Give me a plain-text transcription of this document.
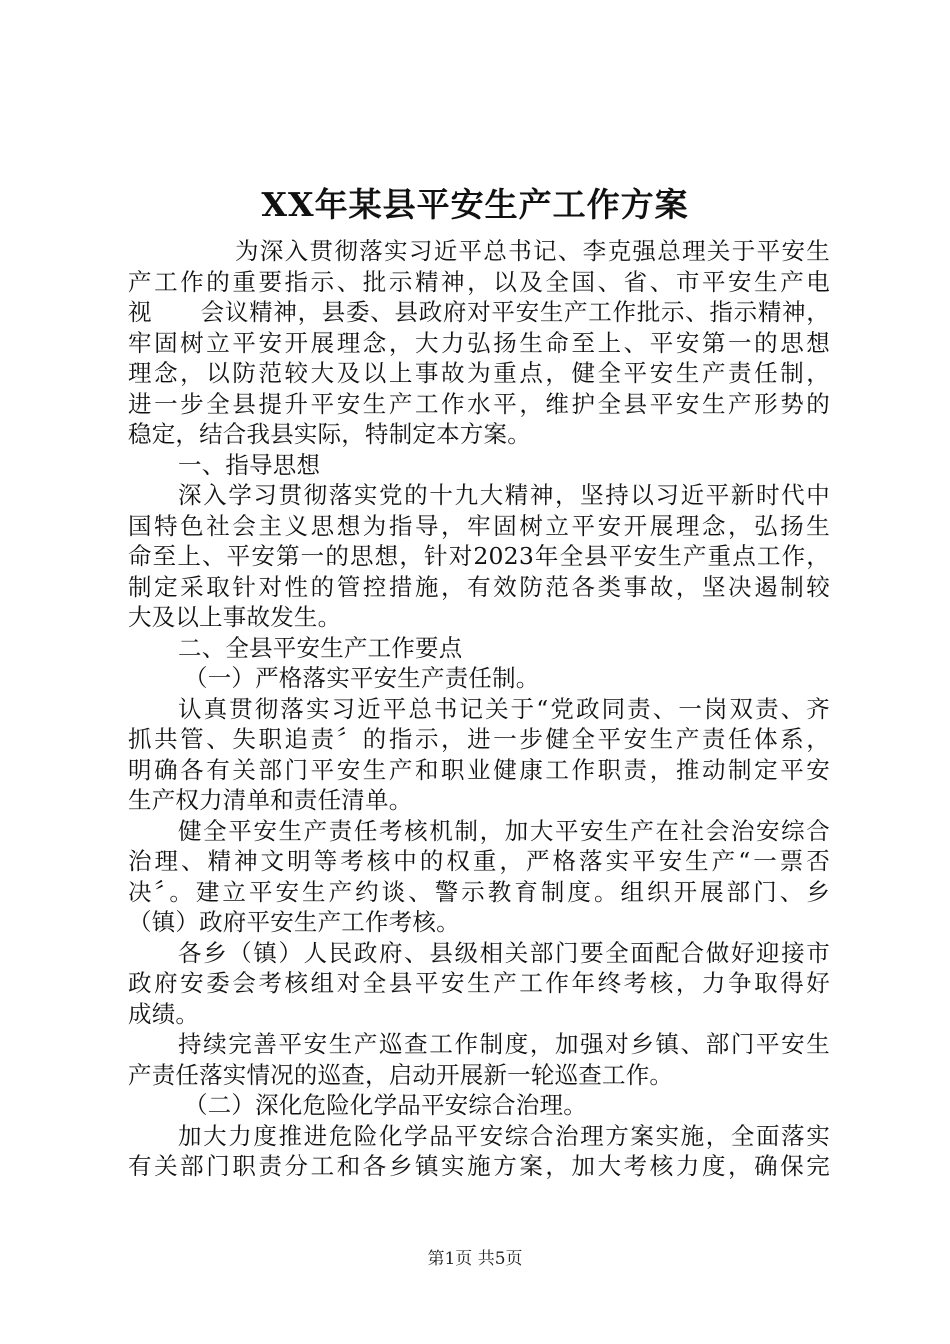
XX年某县平安生产工作方案
为深入贯彻落实习近平总书记、李克强总理关于平安生
产工作的重要指示、批示精神，以及全国、省、市平安生产电
视　　会议精神，县委、县政府对平安生产工作批示、指示精神，
牢固树立平安开展理念，大力弘扬生命至上、平安第一的思想
理念，以防范较大及以上事故为重点，健全平安生产责任制，
进一步全县提升平安生产工作水平，维护全县平安生产形势的
稳定，结合我县实际，特制定本方案。
一、指导思想
深入学习贯彻落实党的十九大精神，坚持以习近平新时代中
国特色社会主义思想为指导，牢固树立平安开展理念，弘扬生
命至上、平安第一的思想，针对2023年全县平安生产重点工作，
制定采取针对性的管控措施，有效防范各类事故，坚决遏制较
大及以上事故发生。
二、全县平安生产工作要点
（一）严格落实平安生产责任制。
认真贯彻落实习近平总书记关于“党政同责、一岗双责、齐
抓共管、失职追责〞的指示，进一步健全平安生产责任体系，
明确各有关部门平安生产和职业健康工作职责，推动制定平安
生产权力清单和责任清单。
健全平安生产责任考核机制，加大平安生产在社会治安综合
治理、精神文明等考核中的权重，严格落实平安生产“一票否
决〞。建立平安生产约谈、警示教育制度。组织开展部门、乡
（镇）政府平安生产工作考核。
各乡（镇）人民政府、县级相关部门要全面配合做好迎接市
政府安委会考核组对全县平安生产工作年终考核，力争取得好
成绩。
持续完善平安生产巡查工作制度，加强对乡镇、部门平安生
产责任落实情况的巡查，启动开展新一轮巡查工作。
（二）深化危险化学品平安综合治理。
加大力度推进危险化学品平安综合治理方案实施，全面落实
有关部门职责分工和各乡镇实施方案，加大考核力度，确保完
第1页 共5页
